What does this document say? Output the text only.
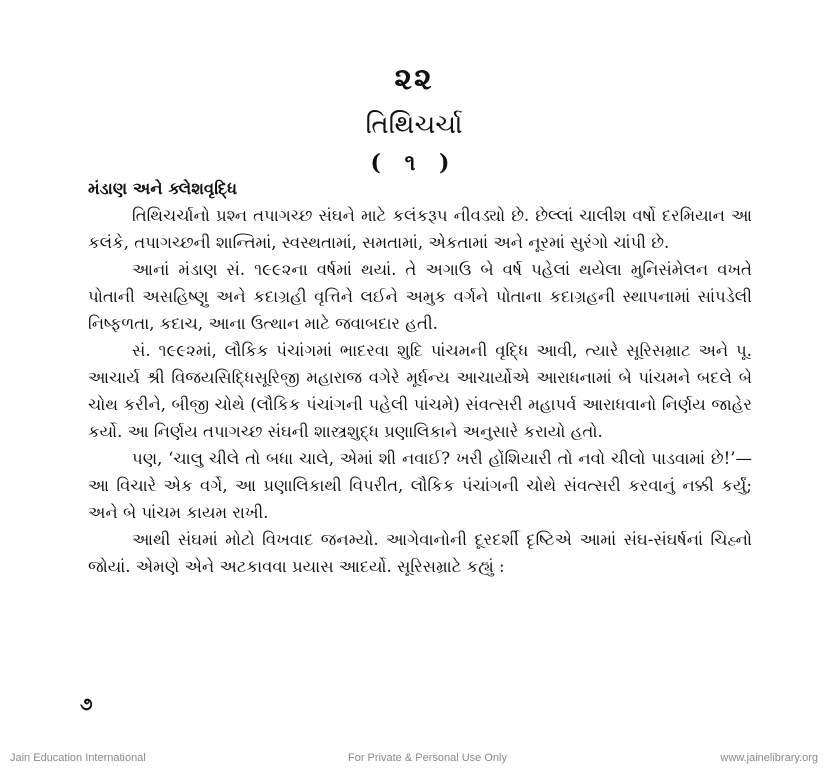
૨૨
તિથિચર્ચા
( ૧ )

મંડાણ અને ક્લેશવૃદ્ધિ

તિથિચર્ચાનો પ્રશ્ન તપાગચ્છ સંઘને માટે કલંકરૂપ નીવડ્યો છે. છેલ્લાં ચાલીશ વર્ષો દરમિયાન આ કલંકે, તપાગચ્છની શાન્તિમાં, સ્વસ્થતામાં, સમતામાં, એકતામાં અને નૂરમાં સુરંગો ચાંપી છે.

આનાં મંડાણ સં. ૧૯૯૨ના વર્ષમાં થયાં. તે અગાઉ બે વર્ષ પહેલાં થયેલા મુનિસંમેલન વખતે પોતાની અસહિષ્ણુ અને કદાગ્રહી વૃત્તિને લઈને અમુક વર્ગને પોતાના કદાગ્રહની સ્થાપનામાં સાંપડેલી નિષ્ફળતા, કદાચ, આના ઉત્થાન માટે જવાબદાર હતી.

સં. ૧૯૯૨માં, લૌકિક પંચાંગમાં ભાદરવા શુદિ પાંચમની વૃદ્ધિ આવી, ત્યારે સૂરિસમ્રાટ અને પૂ. આચાર્ય શ્રી વિજયસિદ્ધિસૂરિજી મહારાજ વગેરે મૂર્ધન્ય આચાર્યોએ આરાધનામાં બે પાંચમને બદલે બે ચોથ કરીને, બીજી ચોથે (લૌકિક પંચાંગની પહેલી પાંચમે) સંવત્સરી મહાપર્વ આરાધવાનો નિર્ણય જાહેર કર્યો. આ નિર્ણય તપાગચ્છ સંઘની શાસ્ત્રશુદ્ધ પ્રણાલિકાને અનુસારે કરાયો હતો.

પણ, ‘ચાલુ ચીલે તો બધા ચાલે, એમાં શી નવાઈ? ખરી હોંશિયારી તો નવો ચીલો પાડવામાં છે!’—આ વિચારે એક વર્ગે, આ પ્રણાલિકાથી વિપરીત, લૌકિક પંચાંગની ચોથે સંવત્સરી કરવાનું નક્કી કર્યું; અને બે પાંચમ કાયમ રાખી.

આથી સંઘમાં મોટો વિખવાદ જનમ્યો. આગેવાનોની દૂરદર્શી દૃષ્ટિએ આમાં સંઘ-સંઘર્ષનાં ચિહ્નો જોયાં. એમણે એને અટકાવવા પ્રયાસ આદર્યો. સૂરિસમ્રાટે કહ્યું :

૭
Jain Education International	For Private & Personal Use Only	www.jainelibrary.org
